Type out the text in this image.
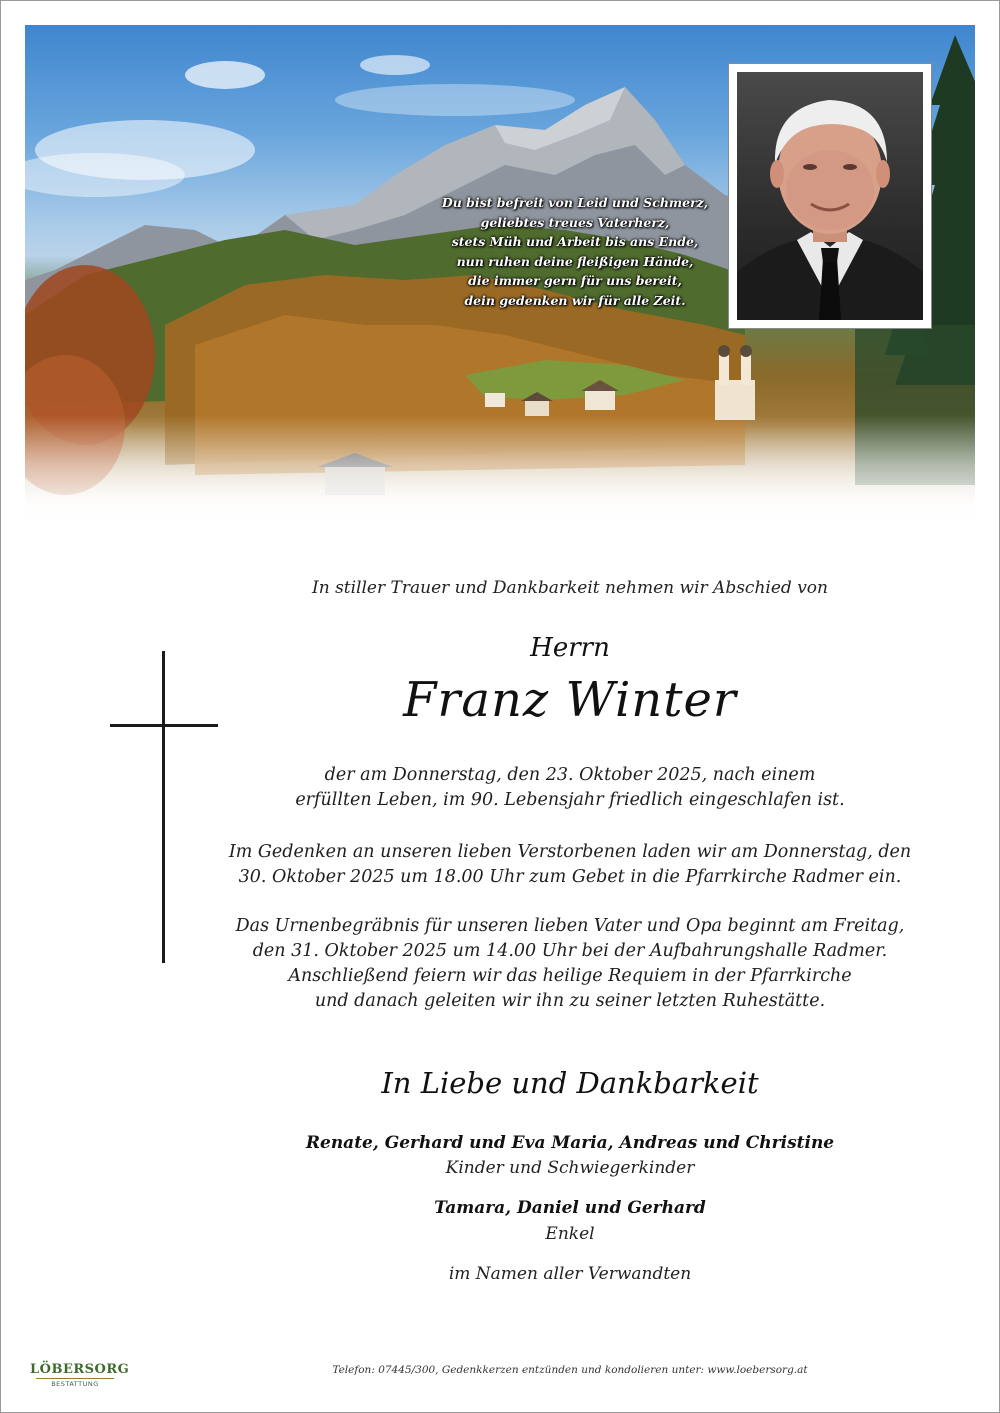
Du bist befreit von Leid und Schmerz,
geliebtes treues Vaterherz,
stets Müh und Arbeit bis ans Ende,
nun ruhen deine fleißigen Hände,
die immer gern für uns bereit,
dein gedenken wir für alle Zeit.
In stiller Trauer und Dankbarkeit nehmen wir Abschied von
Herrn
Franz Winter
der am Donnerstag, den 23. Oktober 2025, nach einem
erfüllten Leben, im 90. Lebensjahr friedlich eingeschlafen ist.
Im Gedenken an unseren lieben Verstorbenen laden wir am Donnerstag, den
30. Oktober 2025 um 18.00 Uhr zum Gebet in die Pfarrkirche Radmer ein.
Das Urnenbegräbnis für unseren lieben Vater und Opa beginnt am Freitag,
den 31. Oktober 2025 um 14.00 Uhr bei der Aufbahrungshalle Radmer.
Anschließend feiern wir das heilige Requiem in der Pfarrkirche
und danach geleiten wir ihn zu seiner letzten Ruhestätte.
In Liebe und Dankbarkeit
Renate, Gerhard und Eva Maria, Andreas und Christine
Kinder und Schwiegerkinder
Tamara, Daniel und Gerhard
Enkel
im Namen aller Verwandten
LÖBERSORG
BESTATTUNG
Telefon: 07445/300, Gedenkkerzen entzünden und kondolieren unter: www.loebersorg.at
